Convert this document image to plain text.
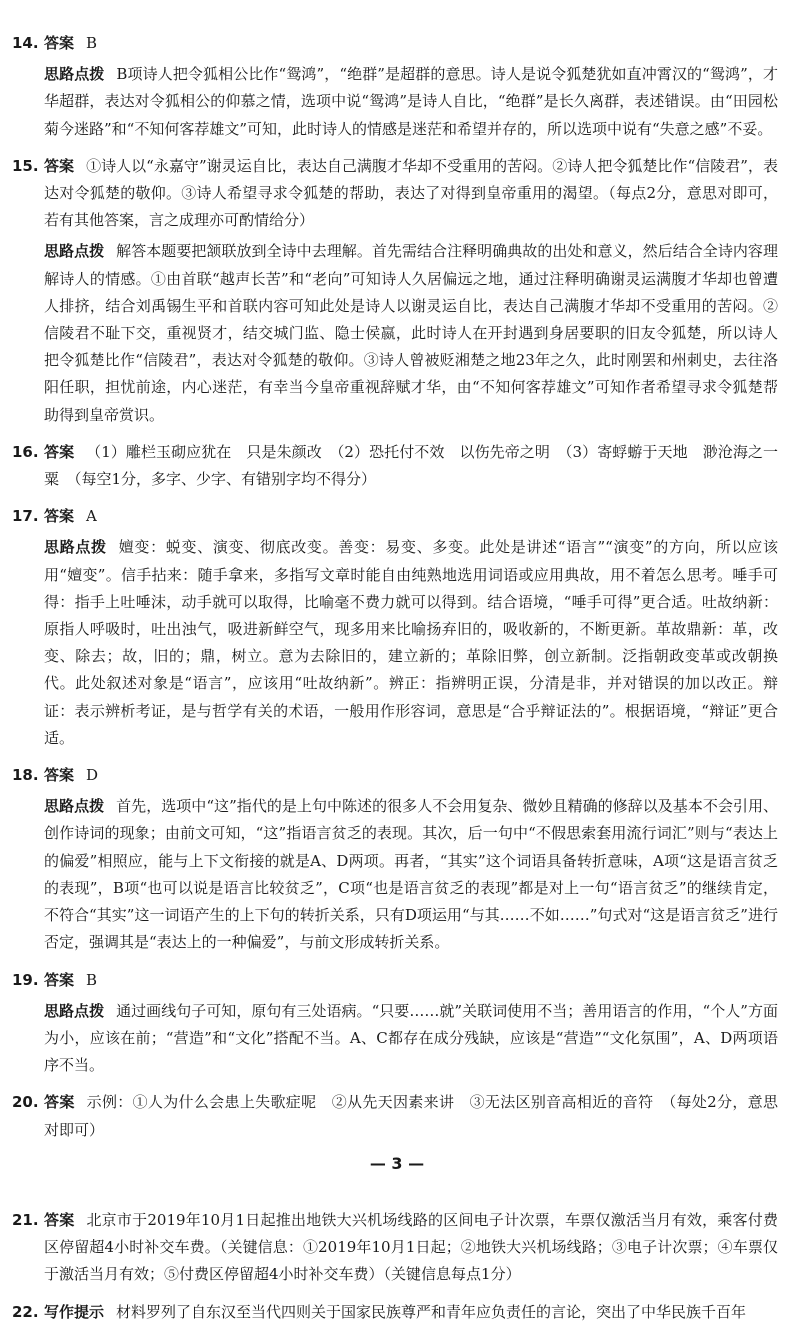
14. 答案 B

思路点拨 B项诗人把令狐相公比作“鸳鸿”，“绝群”是超群的意思。诗人是说令狐楚犹如直冲霄汉的“鸳鸿”，才华超群，表达对令狐相公的仰慕之情，选项中说“鸳鸿”是诗人自比，“绝群”是长久离群，表述错误。由“田园松菊今迷路”和“不知何客荐雄文”可知，此时诗人的情感是迷茫和希望并存的，所以选项中说有“失意之感”不妥。

15. 答案 ①诗人以“永嘉守”谢灵运自比，表达自己满腹才华却不受重用的苦闷。②诗人把令狐楚比作“信陵君”，表达对令狐楚的敬仰。③诗人希望寻求令狐楚的帮助，表达了对得到皇帝重用的渴望。（每点2分，意思对即可，若有其他答案，言之成理亦可酌情给分）

思路点拨 解答本题要把颔联放到全诗中去理解。首先需结合注释明确典故的出处和意义，然后结合全诗内容理解诗人的情感。①由首联“越声长苦”和“老向”可知诗人久居偏远之地，通过注释明确谢灵运满腹才华却也曾遭人排挤，结合刘禹锡生平和首联内容可知此处是诗人以谢灵运自比，表达自己满腹才华却不受重用的苦闷。②信陵君不耻下交，重视贤才，结交城门监、隐士侯嬴，此时诗人在开封遇到身居要职的旧友令狐楚，所以诗人把令狐楚比作“信陵君”，表达对令狐楚的敬仰。③诗人曾被贬湘楚之地23年之久，此时刚罢和州刺史，去往洛阳任职，担忧前途，内心迷茫，有幸当今皇帝重视辞赋才华，由“不知何客荐雄文”可知作者希望寻求令狐楚帮助得到皇帝赏识。

16. 答案 （1）雕栏玉砌应犹在　只是朱颜改　（2）恐托付不效　以伤先帝之明　（3）寄蜉蝣于天地　渺沧海之一粟　（每空1分，多字、少字、有错别字均不得分）

17. 答案 A

思路点拨 嬗变：蜕变、演变、彻底改变。善变：易变、多变。此处是讲述“语言”“演变”的方向，所以应该用“嬗变”。信手拈来：随手拿来，多指写文章时能自由纯熟地选用词语或应用典故，用不着怎么思考。唾手可得：指手上吐唾沫，动手就可以取得，比喻毫不费力就可以得到。结合语境，“唾手可得”更合适。吐故纳新：原指人呼吸时，吐出浊气，吸进新鲜空气，现多用来比喻扬弃旧的，吸收新的，不断更新。革故鼎新：革，改变、除去；故，旧的；鼎，树立。意为去除旧的，建立新的；革除旧弊，创立新制。泛指朝政变革或改朝换代。此处叙述对象是“语言”，应该用“吐故纳新”。辨正：指辨明正误，分清是非，并对错误的加以改正。辩证：表示辨析考证，是与哲学有关的术语，一般用作形容词，意思是“合乎辩证法的”。根据语境，“辩证”更合适。

18. 答案 D

思路点拨 首先，选项中“这”指代的是上句中陈述的很多人不会用复杂、微妙且精确的修辞以及基本不会引用、创作诗词的现象；由前文可知，“这”指语言贫乏的表现。其次，后一句中“不假思索套用流行词汇”则与“表达上的偏爱”相照应，能与上下文衔接的就是A、D两项。再者，“其实”这个词语具备转折意味，A项“这是语言贫乏的表现”，B项“也可以说是语言比较贫乏”，C项“也是语言贫乏的表现”都是对上一句“语言贫乏”的继续肯定，不符合“其实”这一词语产生的上下句的转折关系，只有D项运用“与其……不如……”句式对“这是语言贫乏”进行否定，强调其是“表达上的一种偏爱”，与前文形成转折关系。

19. 答案 B

思路点拨 通过画线句子可知，原句有三处语病。“只要……就”关联词使用不当；善用语言的作用，“个人”方面为小，应该在前；“营造”和“文化”搭配不当。A、C都存在成分残缺，应该是“营造”“文化氛围”，A、D两项语序不当。

20. 答案 示例：①人为什么会患上失歌症呢　②从先天因素来讲　③无法区别音高相近的音符　（每处2分，意思对即可）

— 3 —
21. 答案 北京市于2019年10月1日起推出地铁大兴机场线路的区间电子计次票，车票仅激活当月有效，乘客付费区停留超4小时补交车费。（关键信息：①2019年10月1日起；②地铁大兴机场线路；③电子计次票；④车票仅于激活当月有效；⑤付费区停留超4小时补交车费）（关键信息每点1分）

22. 写作提示 材料罗列了自东汉至当代四则关于国家民族尊严和青年应负责任的言论，突出了中华民族千百年
